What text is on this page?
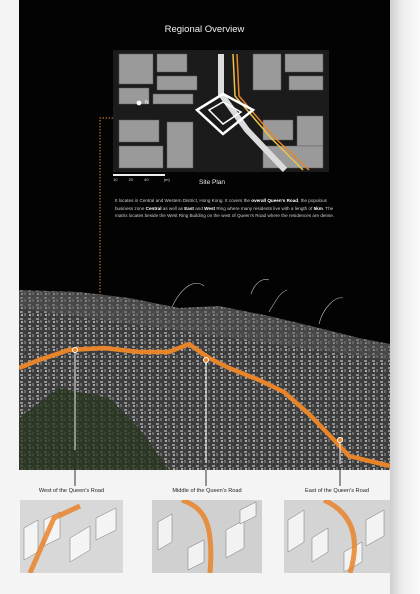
Regional Overview
N
10	20	40	(m)	Site Plan
It locates in Central and Western District, Hong Kong. It covers the overall Queen's Road, the populous business zone Central as well as East and West Ring where many residents live with a length of 5km. The matrix locates beside the West Ring Building on the west of Queen's Road where the residences are dense.
West of the Queen's Road	Middle of the Queen's Road	East of the Queen's Road
